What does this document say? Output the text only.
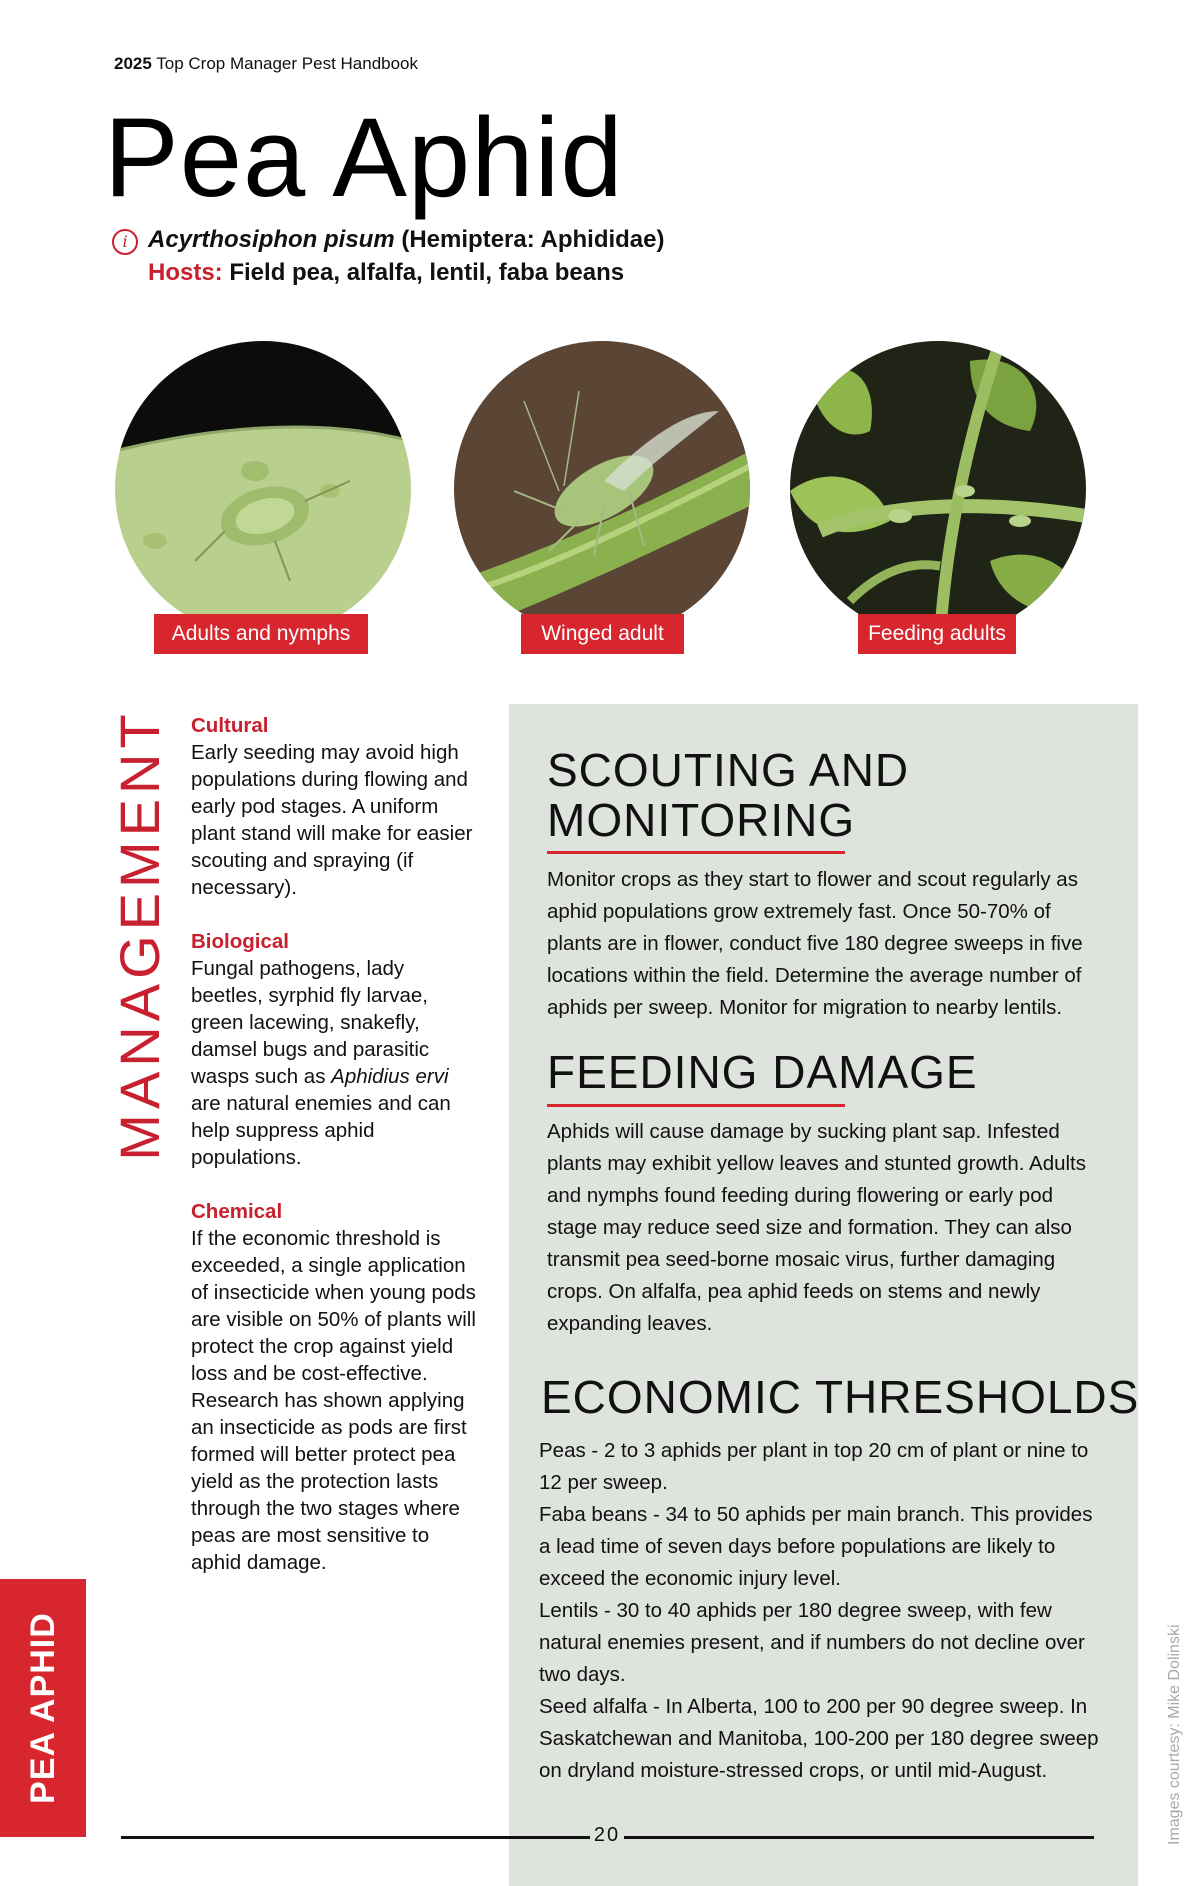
2025 Top Crop Manager Pest Handbook
Pea Aphid
i Acyrthosiphon pisum (Hemiptera: Aphididae)
Hosts: Field pea, alfalfa, lentil, faba beans
Adults and nymphs	Winged adult	Feeding adults
MANAGEMENT Cultural
Early seeding may avoid high populations during flowing and early pod stages. A uniform plant stand will make for easier scouting and spraying (if necessary).
Biological
Fungal pathogens, lady beetles, syrphid fly larvae, green lacewing, snakefly, damsel bugs and parasitic wasps such as Aphidius ervi are natural enemies and can help suppress aphid populations.
Chemical
If the economic threshold is exceeded, a single application of insecticide when young pods are visible on 50% of plants will protect the crop against yield loss and be cost-effective. Research has shown applying an insecticide as pods are first formed will better protect pea yield as the protection lasts through the two stages where peas are most sensitive to aphid damage.
SCOUTING AND MONITORING
Monitor crops as they start to flower and scout regularly as aphid populations grow extremely fast. Once 50-70% of plants are in flower, conduct five 180 degree sweeps in five locations within the field. Determine the average number of aphids per sweep. Monitor for migration to nearby lentils.
FEEDING DAMAGE
Aphids will cause damage by sucking plant sap. Infested plants may exhibit yellow leaves and stunted growth. Adults and nymphs found feeding during flowering or early pod stage may reduce seed size and formation. They can also transmit pea seed-borne mosaic virus, further damaging crops. On alfalfa, pea aphid feeds on stems and newly expanding leaves.
ECONOMIC THRESHOLDS
Peas - 2 to 3 aphids per plant in top 20 cm of plant or nine to 12 per sweep.
Faba beans - 34 to 50 aphids per main branch. This provides a lead time of seven days before populations are likely to exceed the economic injury level.
Lentils - 30 to 40 aphids per 180 degree sweep, with few natural enemies present, and if numbers do not decline over two days.
Seed alfalfa - In Alberta, 100 to 200 per 90 degree sweep. In Saskatchewan and Manitoba, 100-200 per 180 degree sweep on dryland moisture-stressed crops, or until mid-August.
PEA APHID	Images courtesy: Mike Dolinski
20
